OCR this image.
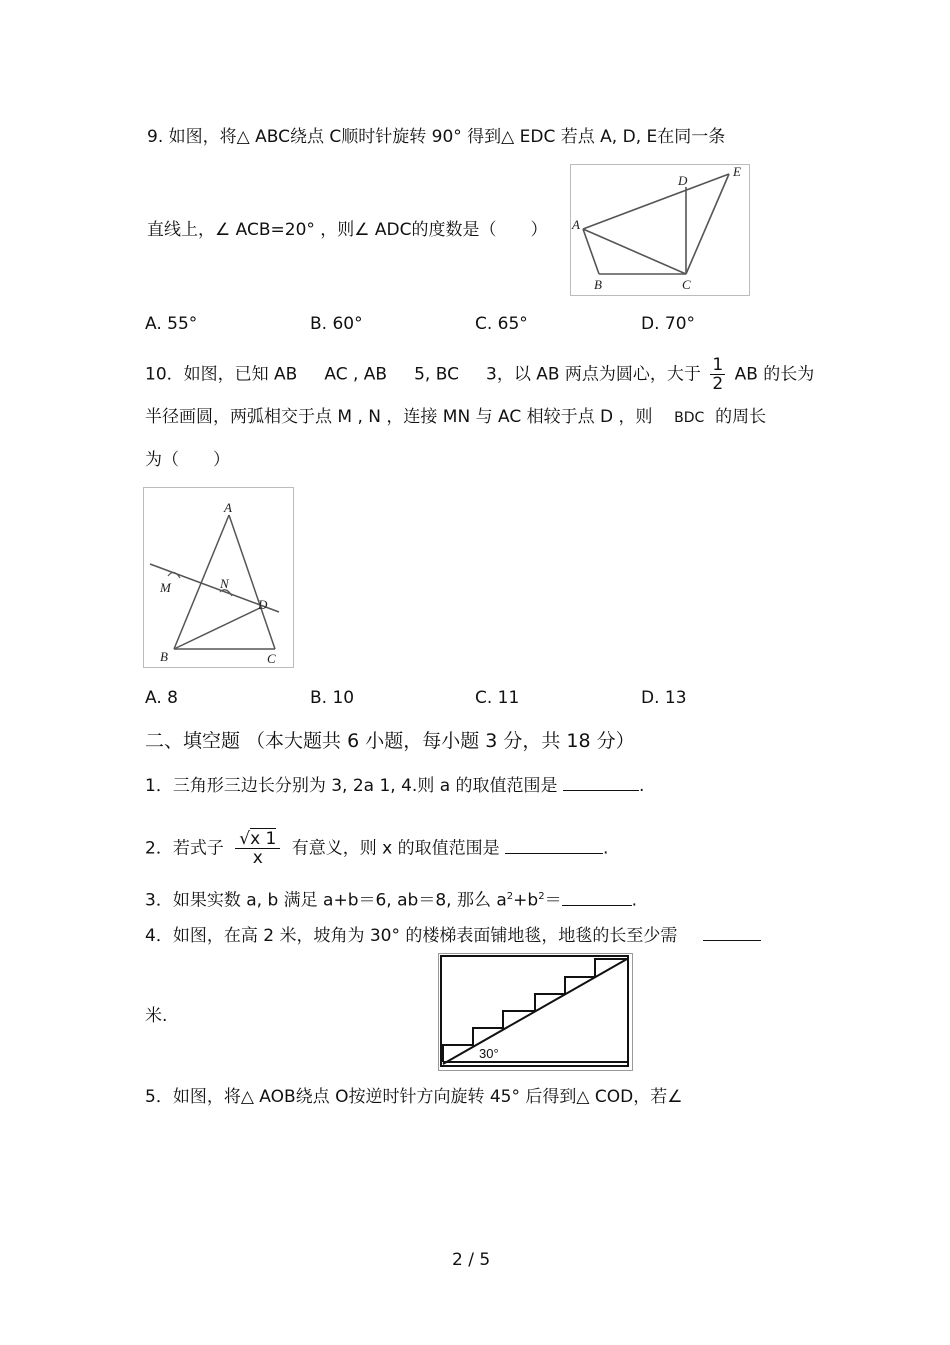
9. 如图，将△ ABC绕点 C顺时针旋转 90° 得到△ EDC 若点 A, D, E在同一条
直线上，∠ ACB=20° ，则∠ ADC的度数是（　　） A
B	C
D
E
A. 55°	B. 60°	C. 65°	D. 70°
10．如图，已知 AB AC , AB 5, BC 3，以 AB 两点为圆心，大于 $\frac{1}{2}$ AB 的长为
半径画圆，两弧相交于点 M , N ，连接 MN 与 AC 相较于点 D ，则 BDC 的周长
为（　　）
A
B	C
D
M	N
A. 8	B. 10	C. 11	D. 13
二、填空题 （本大题共 6 小题，每小题 3 分，共 18 分）
1．三角形三边长分别为 3, 2a 1, 4.则 a 的取值范围是	.
2．若式子 $\frac{√x 1}{x}$ 有意义，则 x 的取值范围是	.
3．如果实数 a, b 满足 a+b＝6, ab＝8, 那么 $a^2+b^2=$	.
4．如图，在高 2 米，坡角为 30° 的楼梯表面铺地毯，地毯的长至少需
米.
30°
5．如图，将△ AOB绕点 O按逆时针方向旋转 45° 后得到△ COD，若∠
2 / 5
